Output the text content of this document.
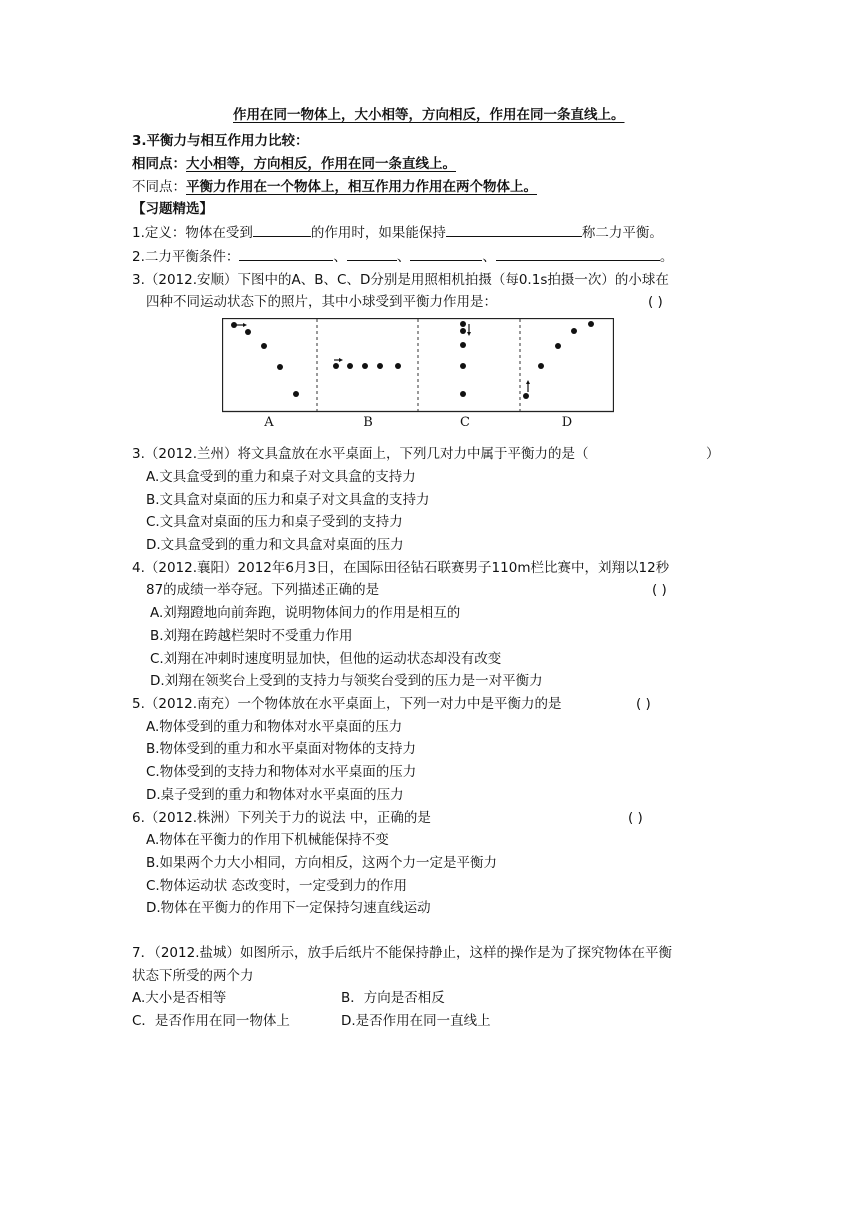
作用在同一物体上，大小相等，方向相反，作用在同一条直线上。
3.平衡力与相互作用力比较：
相同点：大小相等，方向相反，作用在同一条直线上。
不同点：平衡力作用在一个物体上，相互作用力作用在两个物体上。
【习题精选】
1.定义：物体在受到	的作用时，如果能保持	称二力平衡。
2.二力平衡条件：	、	、	、	。
3.（2012.安顺）下图中的A、B、C、D分别是用照相机拍摄（每0.1s拍摄一次）的小球在
四种不同运动状态下的照片，其中小球受到平衡力作用是：	( )
A	B	C	D
3.（2012.兰州）将文具盒放在水平桌面上，下列几对力中属于平衡力的是（	）
A.文具盒受到的重力和桌子对文具盒的支持力
B.文具盒对桌面的压力和桌子对文具盒的支持力
C.文具盒对桌面的压力和桌子受到的支持力
D.文具盒受到的重力和文具盒对桌面的压力
4.（2012.襄阳）2012年6月3日，在国际田径钻石联赛男子110m栏比赛中，刘翔以12秒
87的成绩一举夺冠。下列描述正确的是	( )
A.刘翔蹬地向前奔跑，说明物体间力的作用是相互的
B.刘翔在跨越栏架时不受重力作用
C.刘翔在冲刺时速度明显加快，但他的运动状态却没有改变
D.刘翔在领奖台上受到的支持力与领奖台受到的压力是一对平衡力
5.（2012.南充）一个物体放在水平桌面上，下列一对力中是平衡力的是	( )
A.物体受到的重力和物体对水平桌面的压力
B.物体受到的重力和水平桌面对物体的支持力
C.物体受到的支持力和物体对水平桌面的压力
D.桌子受到的重力和物体对水平桌面的压力
6.（2012.株洲）下列关于力的说法 中，正确的是	( )
A.物体在平衡力的作用下机械能保持不变
B.如果两个力大小相同，方向相反，这两个力一定是平衡力
C.物体运动状 态改变时，一定受到力的作用
D.物体在平衡力的作用下一定保持匀速直线运动
7．（2012.盐城）如图所示，放手后纸片不能保持静止，这样的操作是为了探究物体在平衡
状态下所受的两个力
A.大小是否相等	B．方向是否相反
C．是否作用在同一物体上	D.是否作用在同一直线上
